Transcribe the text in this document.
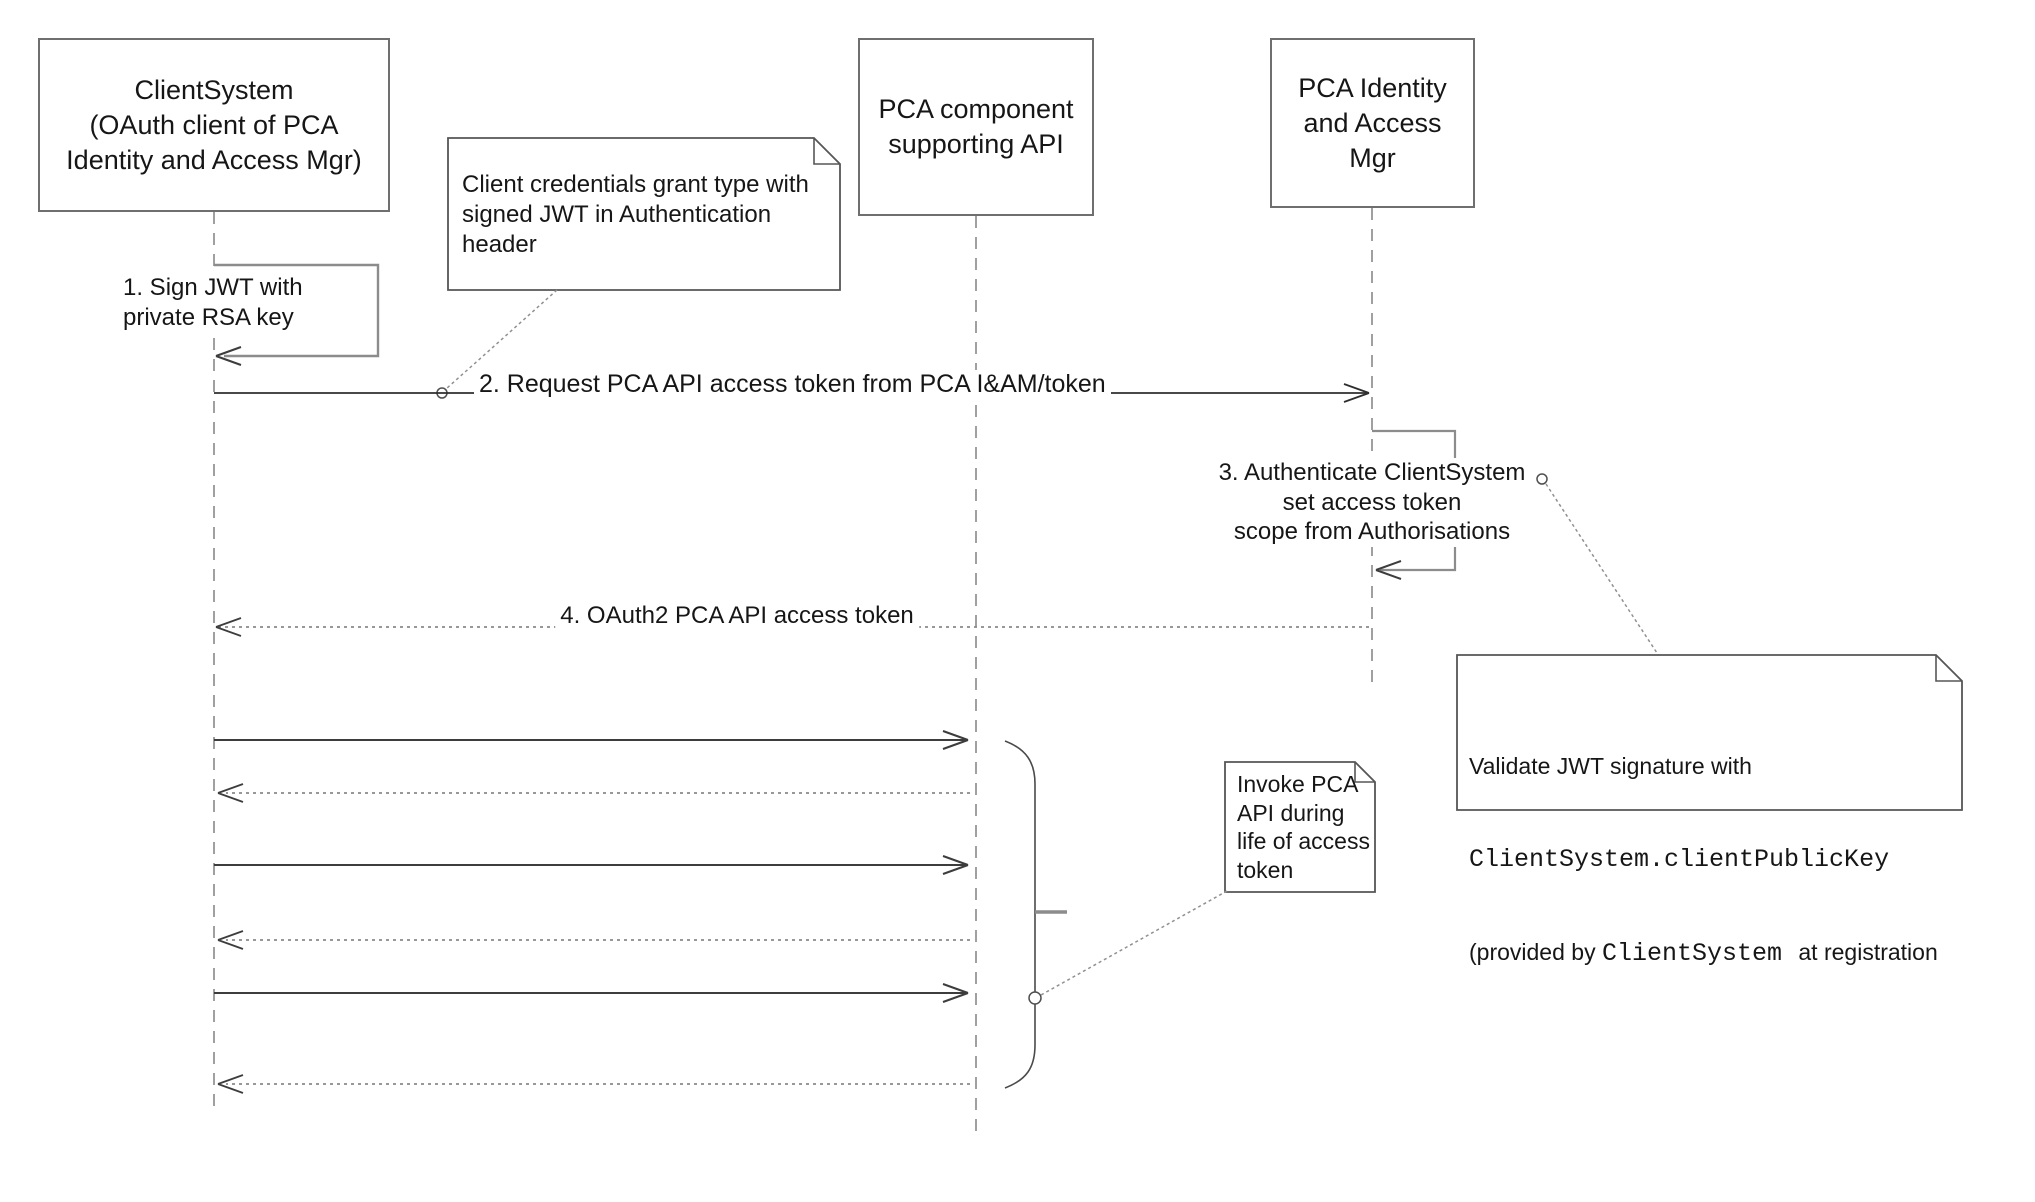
ClientSystem
(OAuth client of PCA
Identity and Access Mgr)
PCA component
supporting API
PCA Identity
and Access
Mgr
1. Sign JWT with
private RSA key
2. Request PCA API access token from PCA I&AM/token
3. Authenticate ClientSystem
set access token
scope from Authorisations
4. OAuth2 PCA API access token
Client credentials grant type with
signed JWT in Authentication
header

Validate JWT signature with

ClientSystem.clientPublicKey

(provided by ClientSystem at registration

Invoke PCA
API during
life of access
token
